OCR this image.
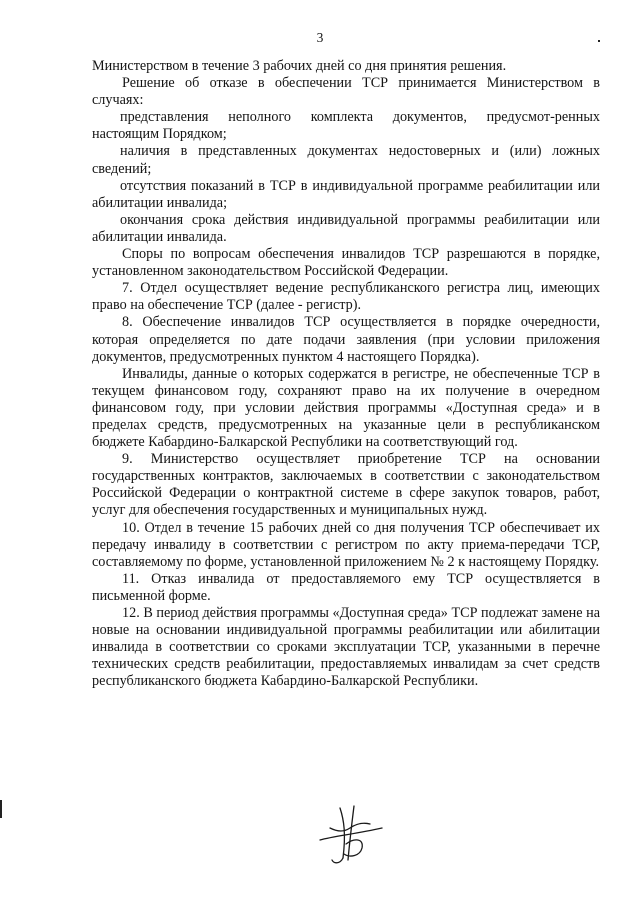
3

Министерством в течение 3 рабочих дней со дня принятия решения.

Решение об отказе в обеспечении ТСР принимается Министерством в случаях:

представления неполного комплекта документов, предусмот-ренных настоящим Порядком;

наличия в представленных документах недостоверных и (или) ложных сведений;

отсутствия показаний в ТСР в индивидуальной программе реабилитации или абилитации инвалида;

окончания срока действия индивидуальной программы реабилитации или абилитации инвалида.

Споры по вопросам обеспечения инвалидов ТСР разрешаются в порядке, установленном законодательством Российской Федерации.

7. Отдел осуществляет ведение республиканского регистра лиц, имеющих право на обеспечение ТСР (далее - регистр).

8. Обеспечение инвалидов ТСР осуществляется в порядке очередности, которая определяется по дате подачи заявления (при условии приложения документов, предусмотренных пунктом 4 настоящего Порядка).

Инвалиды, данные о которых содержатся в регистре, не обеспеченные ТСР в текущем финансовом году, сохраняют право на их получение в очередном финансовом году, при условии действия программы «Доступная среда» и в пределах средств, предусмотренных на указанные цели в республиканском бюджете Кабардино-Балкарской Республики на соответствующий год.

9. Министерство осуществляет приобретение ТСР на основании государственных контрактов, заключаемых в соответствии с законодательством Российской Федерации о контрактной системе в сфере закупок товаров, работ, услуг для обеспечения государственных и муниципальных нужд.

10. Отдел в течение 15 рабочих дней со дня получения ТСР обеспечивает их передачу инвалиду в соответствии с регистром по акту приема-передачи ТСР, составляемому по форме, установленной приложением № 2 к настоящему Порядку.

11. Отказ инвалида от предоставляемого ему ТСР осуществляется в письменной форме.

12. В период действия программы «Доступная среда» ТСР подлежат замене на новые на основании индивидуальной программы реабилитации или абилитации инвалида в соответствии со сроками эксплуатации ТСР, указанными в перечне технических средств реабилитации, предоставляемых инвалидам за счет средств республиканского бюджета Кабардино-Балкарской Республики.
